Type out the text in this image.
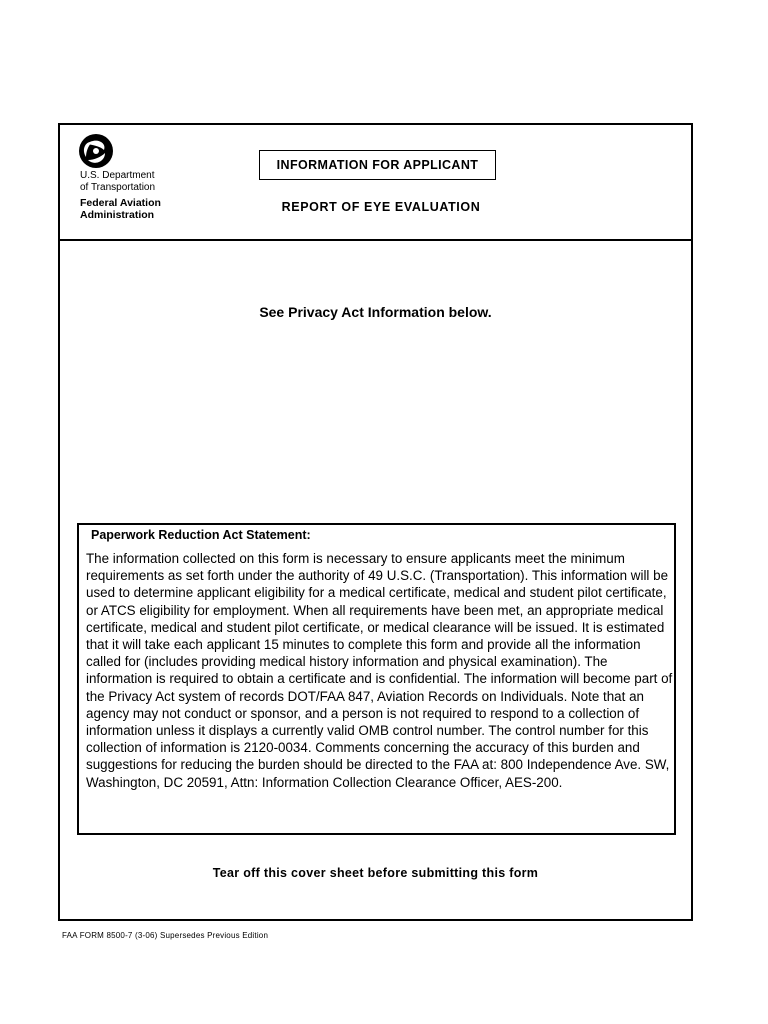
U.S. Department
of Transportation
Federal Aviation
Administration
INFORMATION FOR APPLICANT
REPORT OF EYE EVALUATION
See Privacy Act Information below.
Paperwork Reduction Act Statement:

The information collected on this form is necessary to ensure applicants meet the minimum requirements as set forth under the authority of 49 U.S.C. (Transportation). This information will be used to determine applicant eligibility for a medical certificate, medical and student pilot certificate, or ATCS eligibility for employment. When all requirements have been met, an appropriate medical certificate, medical and student pilot certificate, or medical clearance will be issued. It is estimated that it will take each applicant 15 minutes to complete this form and provide all the information called for (includes providing medical history information and physical examination). The information is required to obtain a certificate and is confidential. The information will become part of the Privacy Act system of records DOT/FAA 847, Aviation Records on Individuals. Note that an agency may not conduct or sponsor, and a person is not required to respond to a collection of information unless it displays a currently valid OMB control number. The control number for this collection of information is 2120-0034. Comments concerning the accuracy of this burden and suggestions for reducing the burden should be directed to the FAA at: 800 Independence Ave. SW, Washington, DC 20591, Attn: Information Collection Clearance Officer, AES-200.

Tear off this cover sheet before submitting this form
FAA FORM 8500-7 (3-06) Supersedes Previous Edition
